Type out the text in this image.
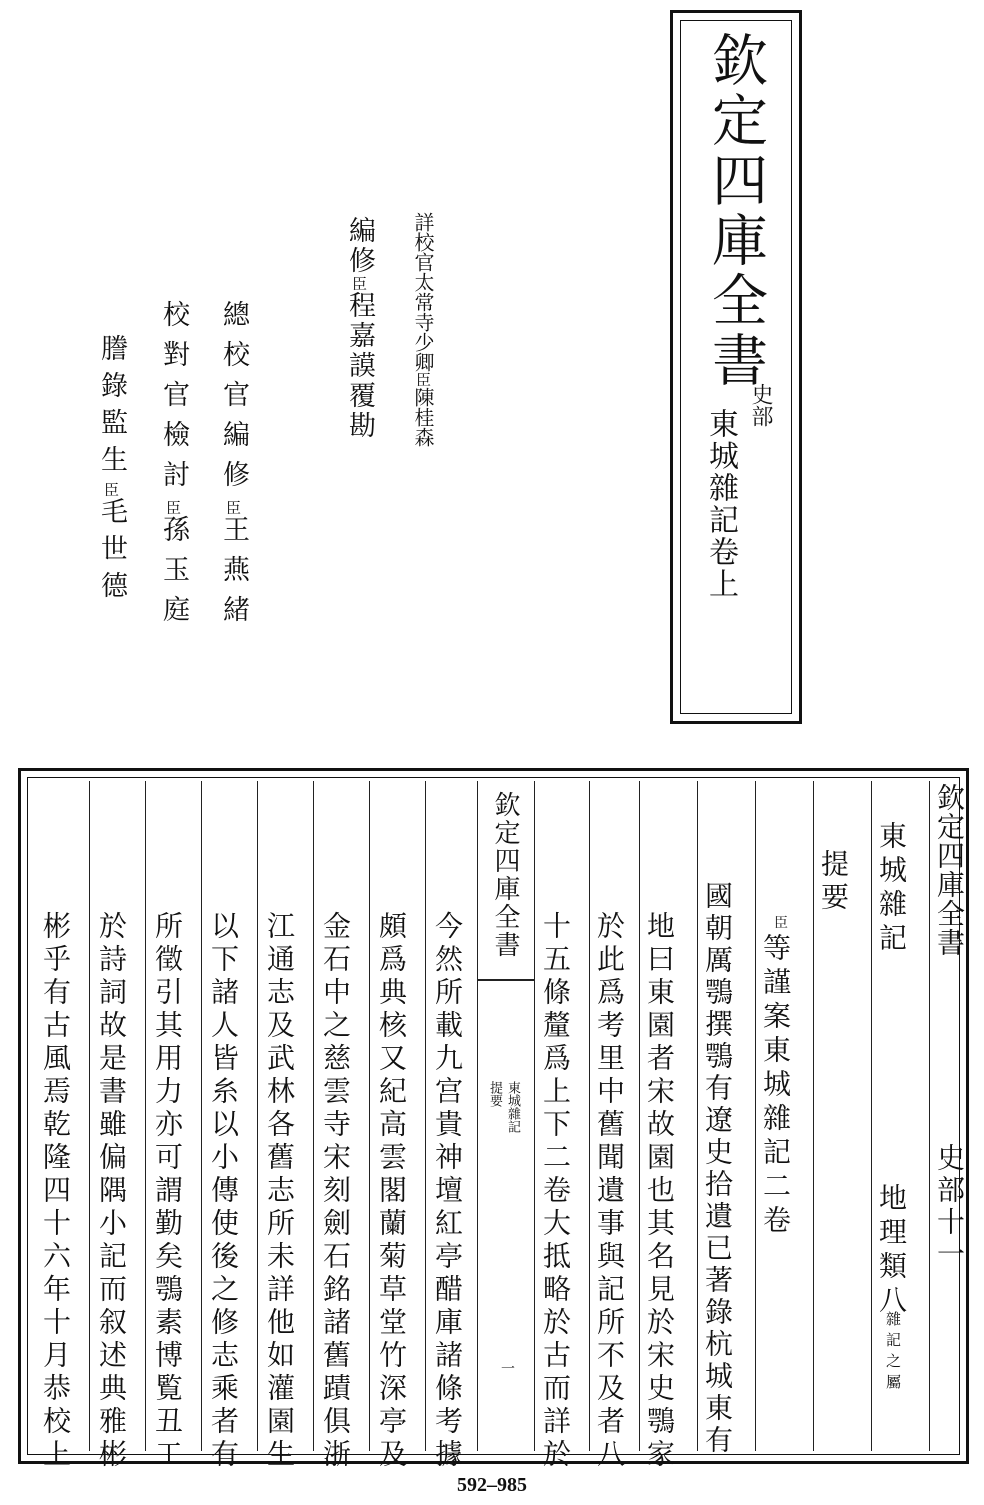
欽定四庫全書
史部
東城雜記卷上
詳校官太常寺少卿臣陳桂森
編修臣程嘉謨覆勘
總校官編修臣王燕緒
校對官檢討臣孫玉庭
謄錄監生臣毛世德
欽定四庫全書
史部十一
東城雜記
地理類八
雜記之屬
提要
臣
等謹案東城雜記二卷
國朝厲鶚撰鶚有遼史拾遺已著錄杭城東有
地曰東園者宋故園也其名見於宋史鶚家
於此爲考里中舊聞遺事與記所不及者八
十五條釐爲上下二卷大抵略於古而詳於
欽定四庫全書
東城雜記
提要
一
今然所載九宫貴神壇紅亭醋庫諸條考據
頗爲典核又紀高雲閣蘭菊草堂竹深亭及
金石中之慈雲寺宋刻劍石銘諸舊蹟俱浙
江通志及武林各舊志所未詳他如灌園生
以下諸人皆糸以小傳使後之修志乘者有
所徵引其用力亦可謂勤矣鶚素博覧丑工
於詩詞故是書雖偏隅小記而叙述典雅彬
彬乎有古風焉乾隆四十六年十月恭校上
592–985
